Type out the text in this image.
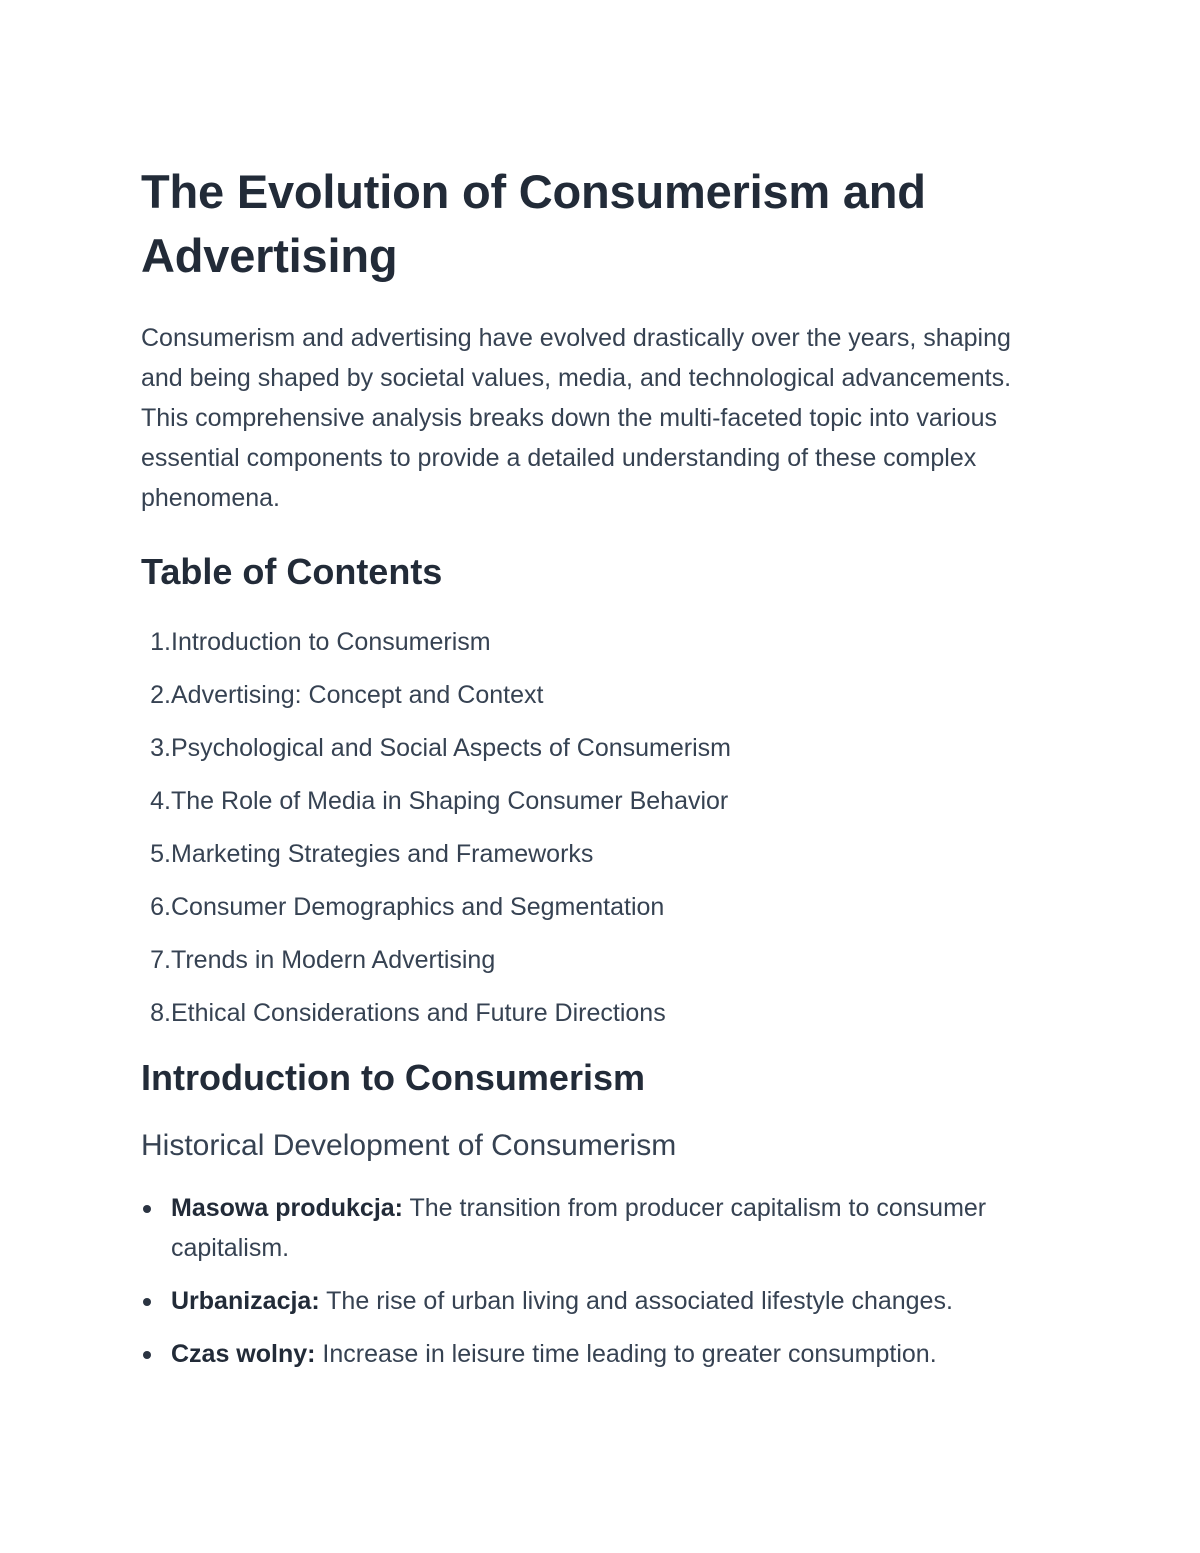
The Evolution of Consumerism and Advertising

Consumerism and advertising have evolved drastically over the years, shaping and being shaped by societal values, media, and technological advancements. This comprehensive analysis breaks down the multi-faceted topic into various essential components to provide a detailed understanding of these complex phenomena.

Table of Contents
1. Introduction to Consumerism
2. Advertising: Concept and Context
3. Psychological and Social Aspects of Consumerism
4. The Role of Media in Shaping Consumer Behavior
5. Marketing Strategies and Frameworks
6. Consumer Demographics and Segmentation
7. Trends in Modern Advertising
8. Ethical Considerations and Future Directions
Introduction to Consumerism
Historical Development of Consumerism
Masowa produkcja: The transition from producer capitalism to consumer capitalism.
Urbanizacja: The rise of urban living and associated lifestyle changes.
Czas wolny: Increase in leisure time leading to greater consumption.
